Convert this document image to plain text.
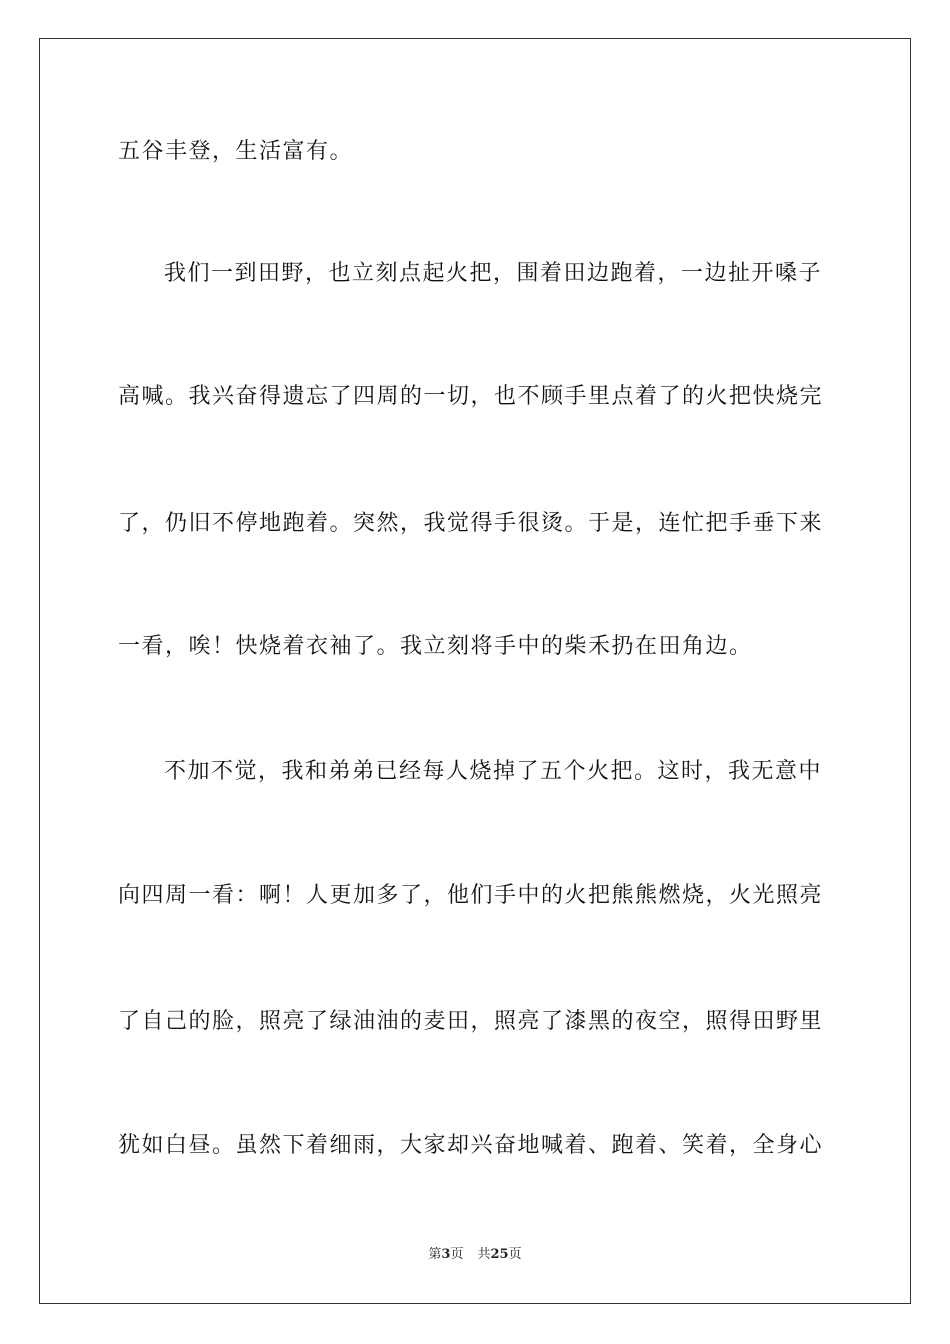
五谷丰登，生活富有。
我们一到田野，也立刻点起火把，围着田边跑着，一边扯开嗓子
高喊。我兴奋得遗忘了四周的一切，也不顾手里点着了的火把快烧完
了，仍旧不停地跑着。突然，我觉得手很烫。于是，连忙把手垂下来
一看，唉！快烧着衣袖了。我立刻将手中的柴禾扔在田角边。
不加不觉，我和弟弟已经每人烧掉了五个火把。这时，我无意中
向四周一看：啊！人更加多了，他们手中的火把熊熊燃烧，火光照亮
了自己的脸，照亮了绿油油的麦田，照亮了漆黑的夜空，照得田野里
犹如白昼。虽然下着细雨，大家却兴奋地喊着、跑着、笑着，全身心
第3页 共25页
